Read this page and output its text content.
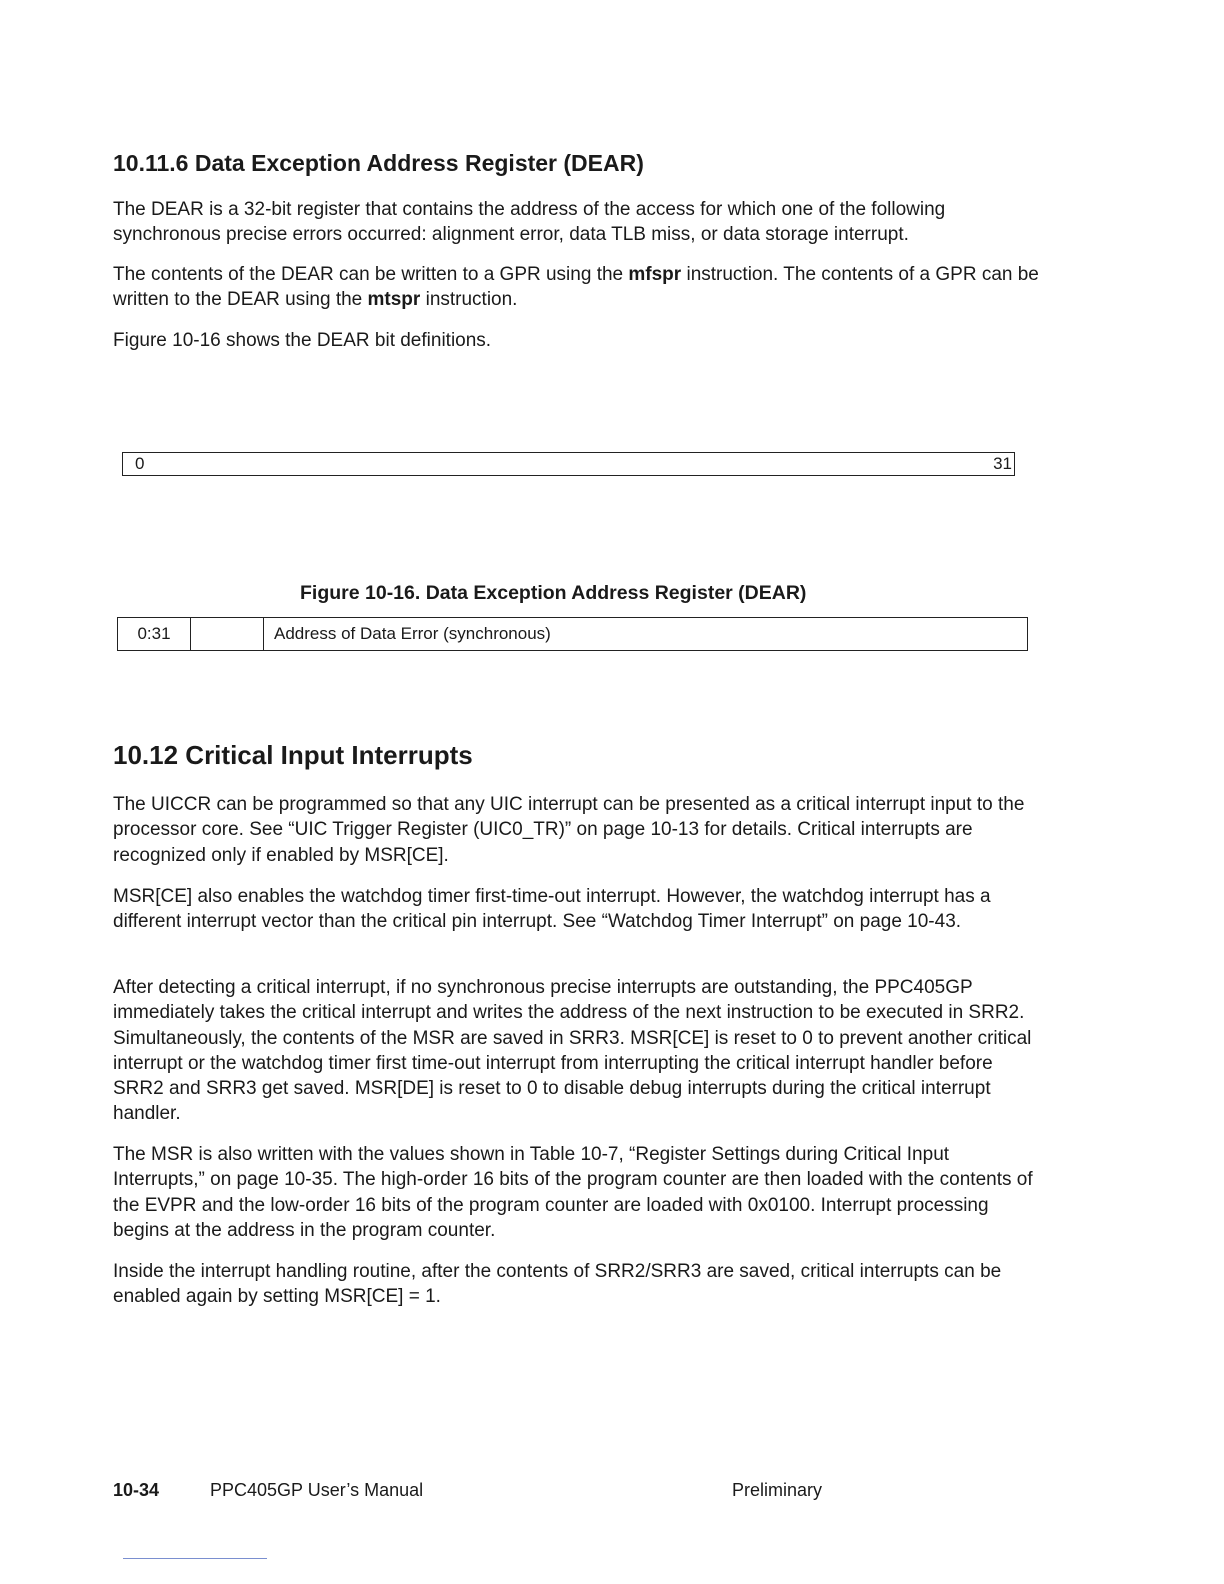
10.11.6 Data Exception Address Register (DEAR)

The DEAR is a 32-bit register that contains the address of the access for which one of the following synchronous precise errors occurred: alignment error, data TLB miss, or data storage interrupt.

The contents of the DEAR can be written to a GPR using the mfspr instruction. The contents of a GPR can be written to the DEAR using the mtspr instruction.

Figure 10-16 shows the DEAR bit definitions.

0	31

Figure 10-16. Data Exception Address Register (DEAR)

0:31		Address of Data Error (synchronous)
10.12 Critical Input Interrupts

The UICCR can be programmed so that any UIC interrupt can be presented as a critical interrupt input to the processor core. See “UIC Trigger Register (UIC0_TR)” on page 10-13 for details. Critical interrupts are recognized only if enabled by MSR[CE].

MSR[CE] also enables the watchdog timer first-time-out interrupt. However, the watchdog interrupt has a different interrupt vector than the critical pin interrupt. See “Watchdog Timer Interrupt” on page 10-43.

After detecting a critical interrupt, if no synchronous precise interrupts are outstanding, the PPC405GP immediately takes the critical interrupt and writes the address of the next instruction to be executed in SRR2. Simultaneously, the contents of the MSR are saved in SRR3. MSR[CE] is reset to 0 to prevent another critical interrupt or the watchdog timer first time-out interrupt from interrupting the critical interrupt handler before SRR2 and SRR3 get saved. MSR[DE] is reset to 0 to disable debug interrupts during the critical interrupt handler.

The MSR is also written with the values shown in Table 10-7, “Register Settings during Critical Input Interrupts,” on page 10-35. The high-order 16 bits of the program counter are then loaded with the contents of the EVPR and the low-order 16 bits of the program counter are loaded with 0x0100. Interrupt processing begins at the address in the program counter.

Inside the interrupt handling routine, after the contents of SRR2/SRR3 are saved, critical interrupts can be enabled again by setting MSR[CE] = 1.

10-34	PPC405GP User’s Manual	Preliminary
